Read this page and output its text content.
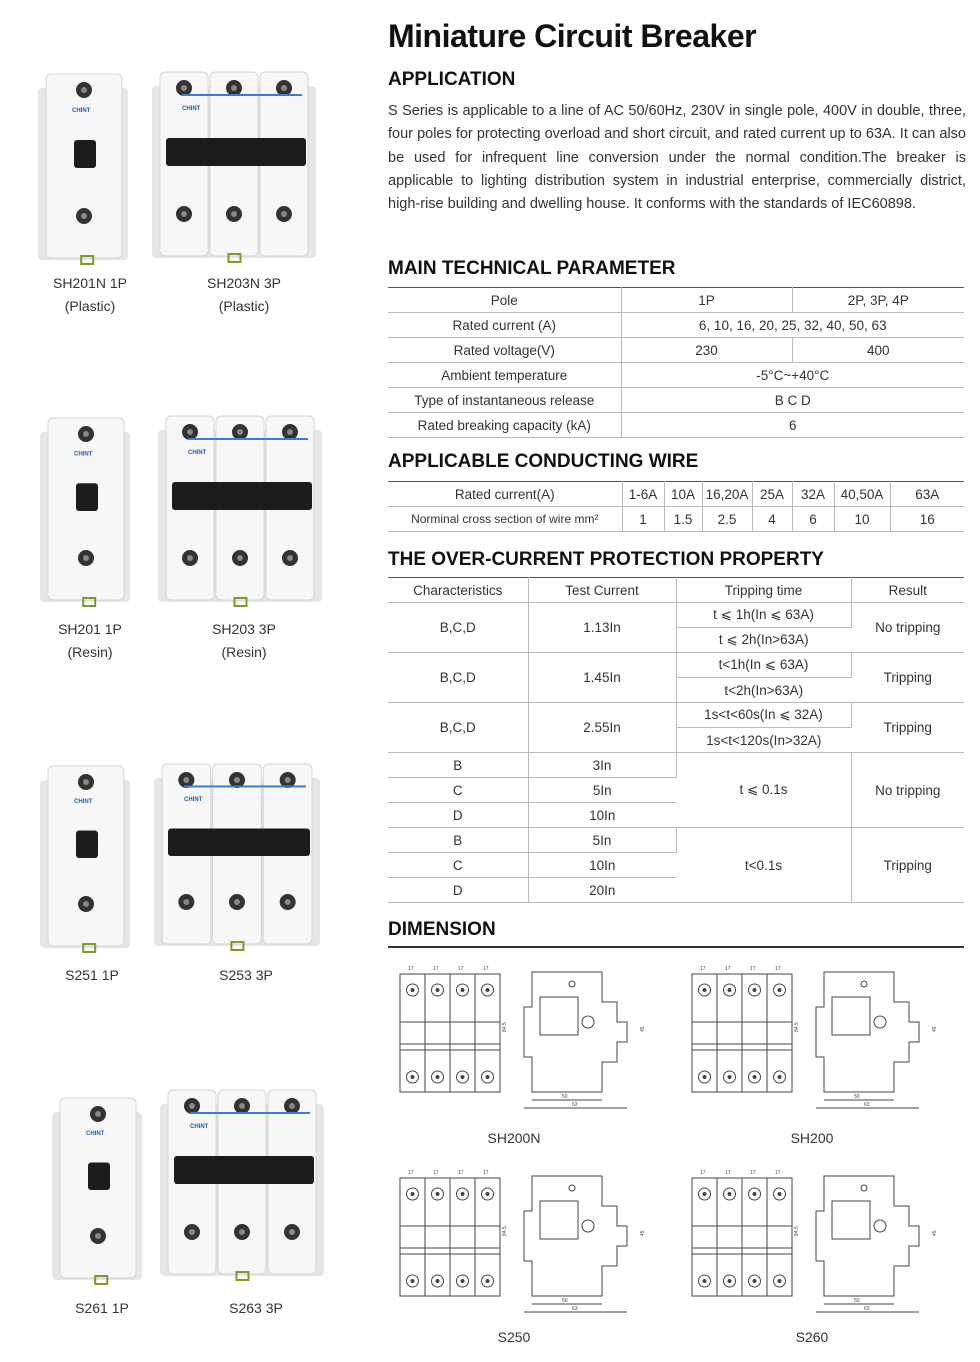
CHINT
SH201N 1P
(Plastic)
CHINT
SH203N 3P
(Plastic)
CHINT
SH201 1P
(Resin)
CHINT
SH203 3P
(Resin)
CHINT
S251 1P
CHINT
S253 3P
CHINT
S261 1P
CHINT
S263 3P
Miniature Circuit Breaker
APPLICATION
S Series is applicable to a line of AC 50/60Hz, 230V in single pole, 400V in double, three, four poles for protecting overload and short circuit, and rated current up to 63A. It can also be used for infrequent line conversion under the normal condition.The breaker is applicable to lighting distribution system in industrial enterprise, commercially district, high-rise building and dwelling house. It conforms with the standards of IEC60898.
MAIN TECHNICAL PARAMETER
Pole	1P	2P, 3P, 4P
Rated current (A)	6, 10, 16, 20, 25, 32, 40, 50, 63	
Rated voltage(V)	230	400
Ambient temperature	-5°C~+40°C	
Type of instantaneous release	B C D	
Rated breaking capacity (kA)	6	
APPLICABLE CONDUCTING WIRE
Rated current(A)	1-6A	10A	16,20A	25A	32A	40,50A	63A
Norminal cross section of wire mm²	1	1.5	2.5	4	6	10	16
THE OVER-CURRENT PROTECTION PROPERTY
Characteristics	Test Current	Tripping time	Result
B,C,D	1.13In	t ⩽ 1h(In ⩽ 63A)	No tripping
		t ⩽ 2h(In>63A)	
B,C,D	1.45In	t<1h(In ⩽ 63A)	Tripping
		t<2h(In>63A)	
B,C,D	2.55In	1s<t<60s(In ⩽ 32A)	Tripping
		1s<t<120s(In>32A)	
B	3In	t ⩽ 0.1s	No tripping
C	5In		
D	10In		
B	5In	t<0.1s	Tripping
C	10In		
D	20In		
DIMENSION
17	17	17	17
84.5
50
63
45
SH200N
17	17	17	17
84.5
50
63
45
SH200
17	17	17	17
84.5
50
63
45
S250
17	17	17	17
84.5
50
63
45
S260
